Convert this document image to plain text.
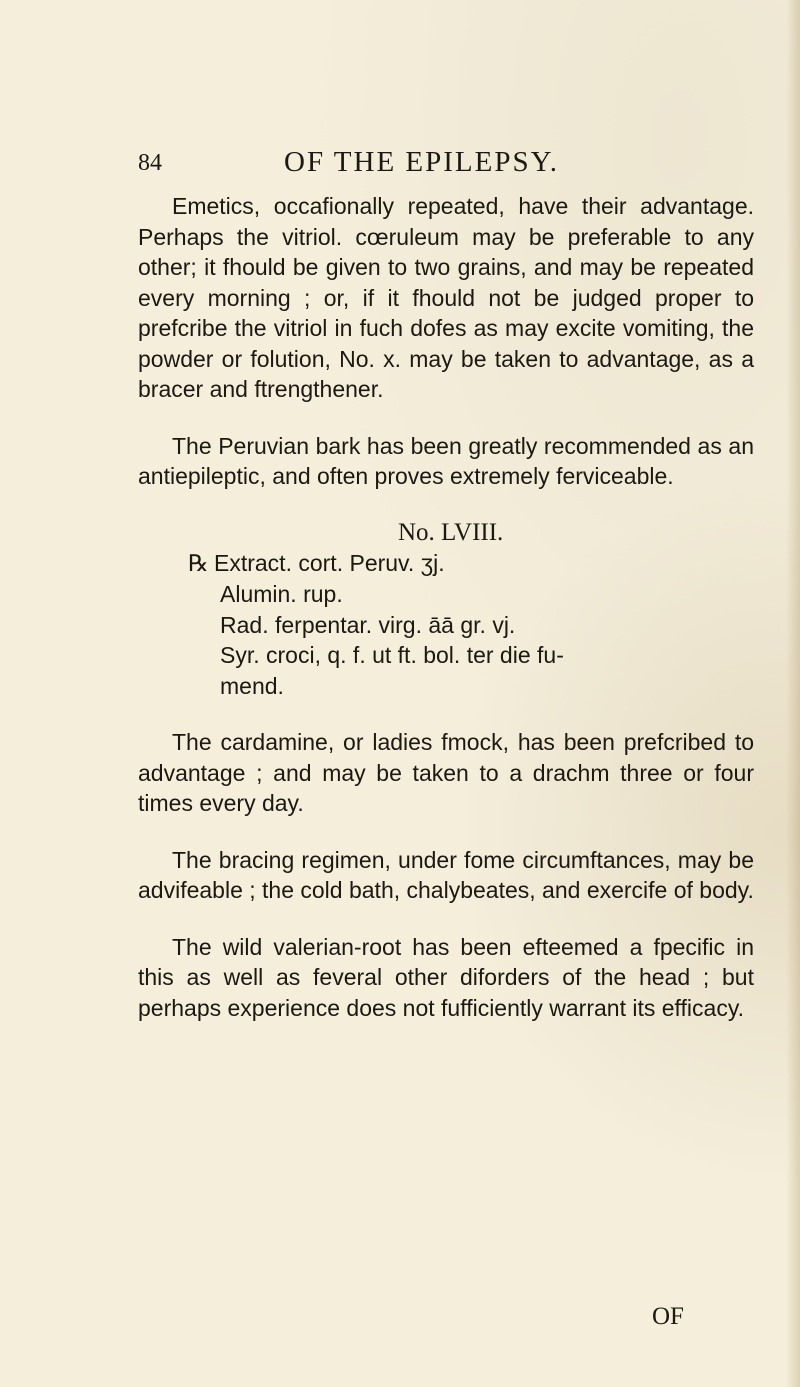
84	OF THE EPILEPSY.

Emetics, occafionally repeated, have their advantage. Perhaps the vitriol. cœruleum may be preferable to any other; it fhould be given to two grains, and may be repeated every morning ; or, if it fhould not be judged proper to prefcribe the vitriol in fuch dofes as may excite vomiting, the powder or folution, No. x. may be taken to advantage, as a bracer and ftrengthener.

The Peruvian bark has been greatly recommended as an antiepileptic, and often proves extremely ferviceable.

No. LVIII.

℞ Extract. cort. Peruv. ʒj.

Alumin. rup.

Rad. ferpentar. virg. āā gr. vj.

Syr. croci, q. f. ut ft. bol. ter die fu-

mend.

The cardamine, or ladies fmock, has been prefcribed to advantage ; and may be taken to a drachm three or four times every day.

The bracing regimen, under fome circumftances, may be advifeable ; the cold bath, chalybeates, and exercife of body.

The wild valerian-root has been efteemed a fpecific in this as well as feveral other diforders of the head ; but perhaps experience does not fufficiently warrant its efficacy.

OF
